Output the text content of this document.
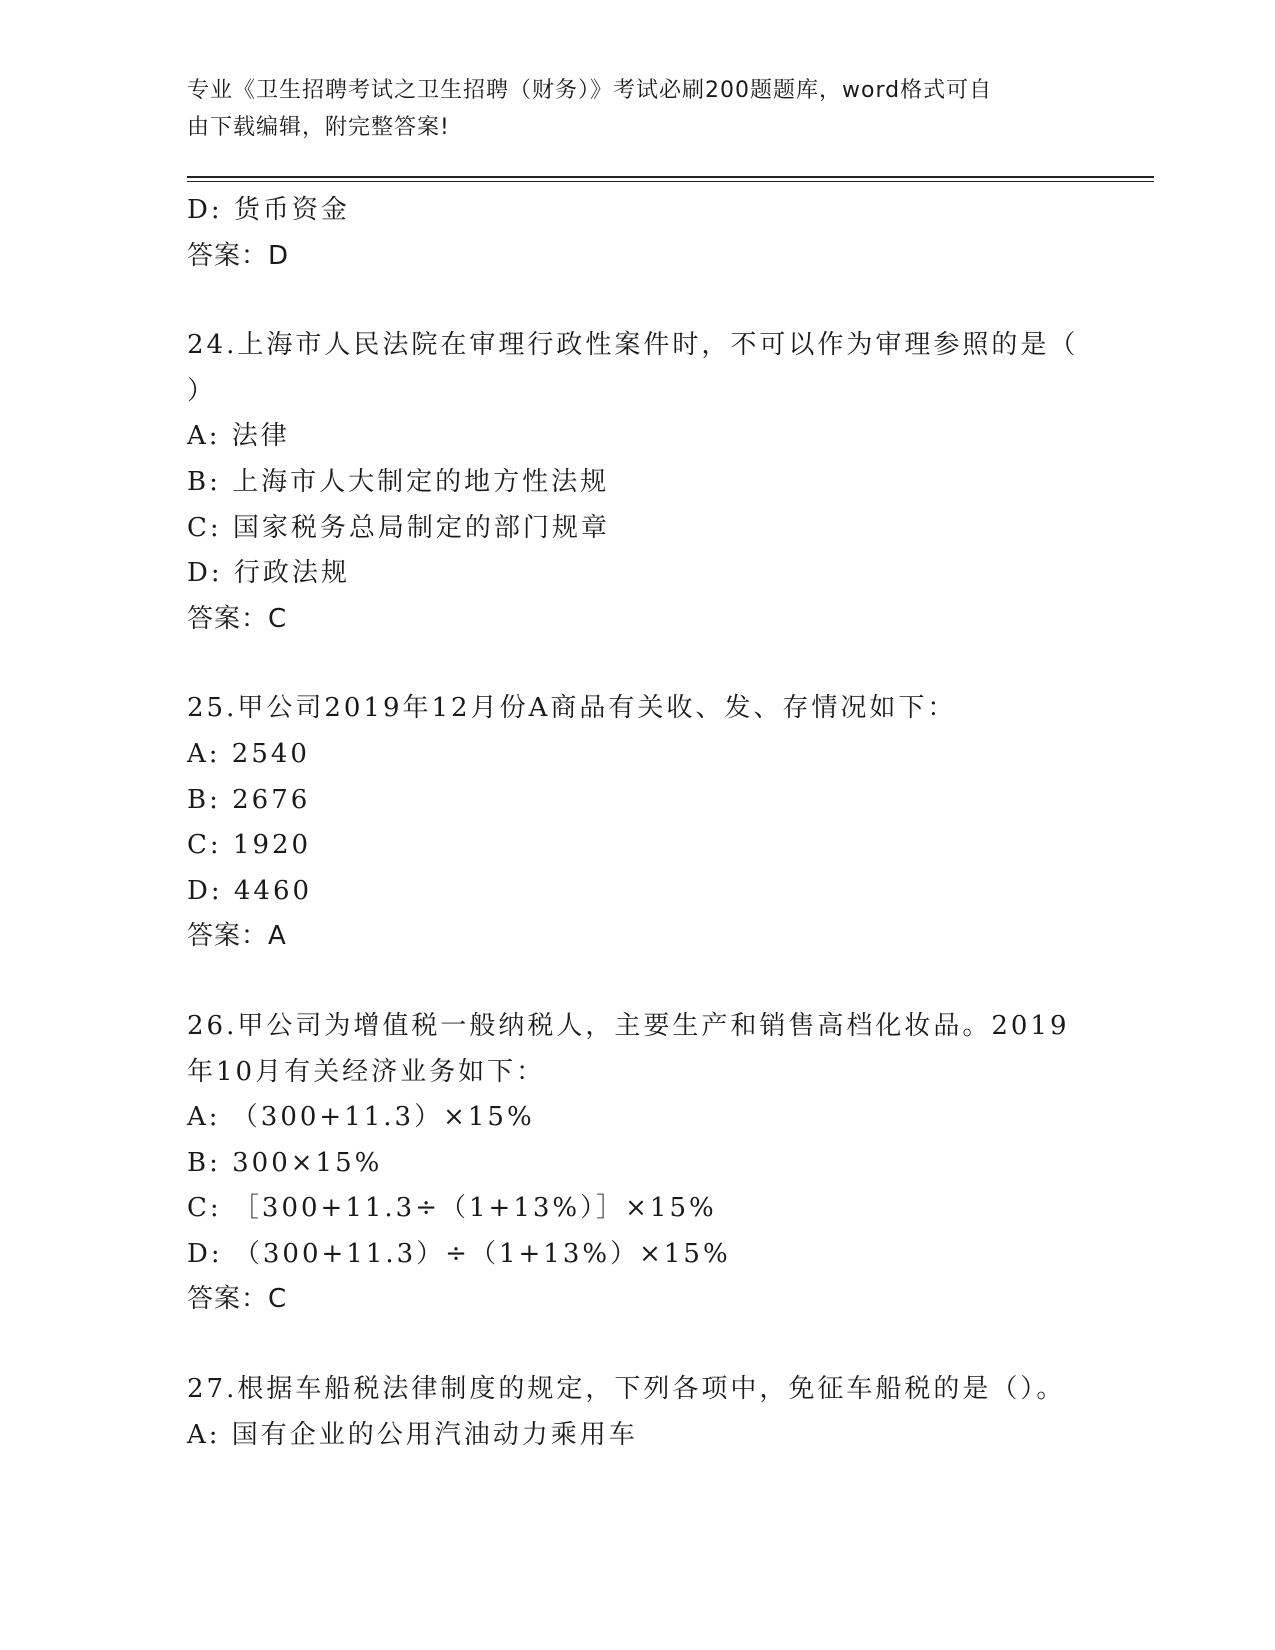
专业《卫生招聘考试之卫生招聘（财务）》考试必刷200题题库，word格式可自
由下载编辑，附完整答案!
D: 货币资金
答案：D
24.上海市人民法院在审理行政性案件时，不可以作为审理参照的是（
）
A: 法律
B: 上海市人大制定的地方性法规
C: 国家税务总局制定的部门规章
D: 行政法规
答案：C
25.甲公司2019年12月份A商品有关收、发、存情况如下：
A: 2540
B: 2676
C: 1920
D: 4460
答案：A
26.甲公司为增值税一般纳税人，主要生产和销售高档化妆品。2019
年10月有关经济业务如下：
A: （300+11.3）×15%
B: 300×15%
C: ［300+11.3÷（1+13%）］×15%
D: （300+11.3）÷（1+13%）×15%
答案：C
27.根据车船税法律制度的规定，下列各项中，免征车船税的是（）。
A: 国有企业的公用汽油动力乘用车
